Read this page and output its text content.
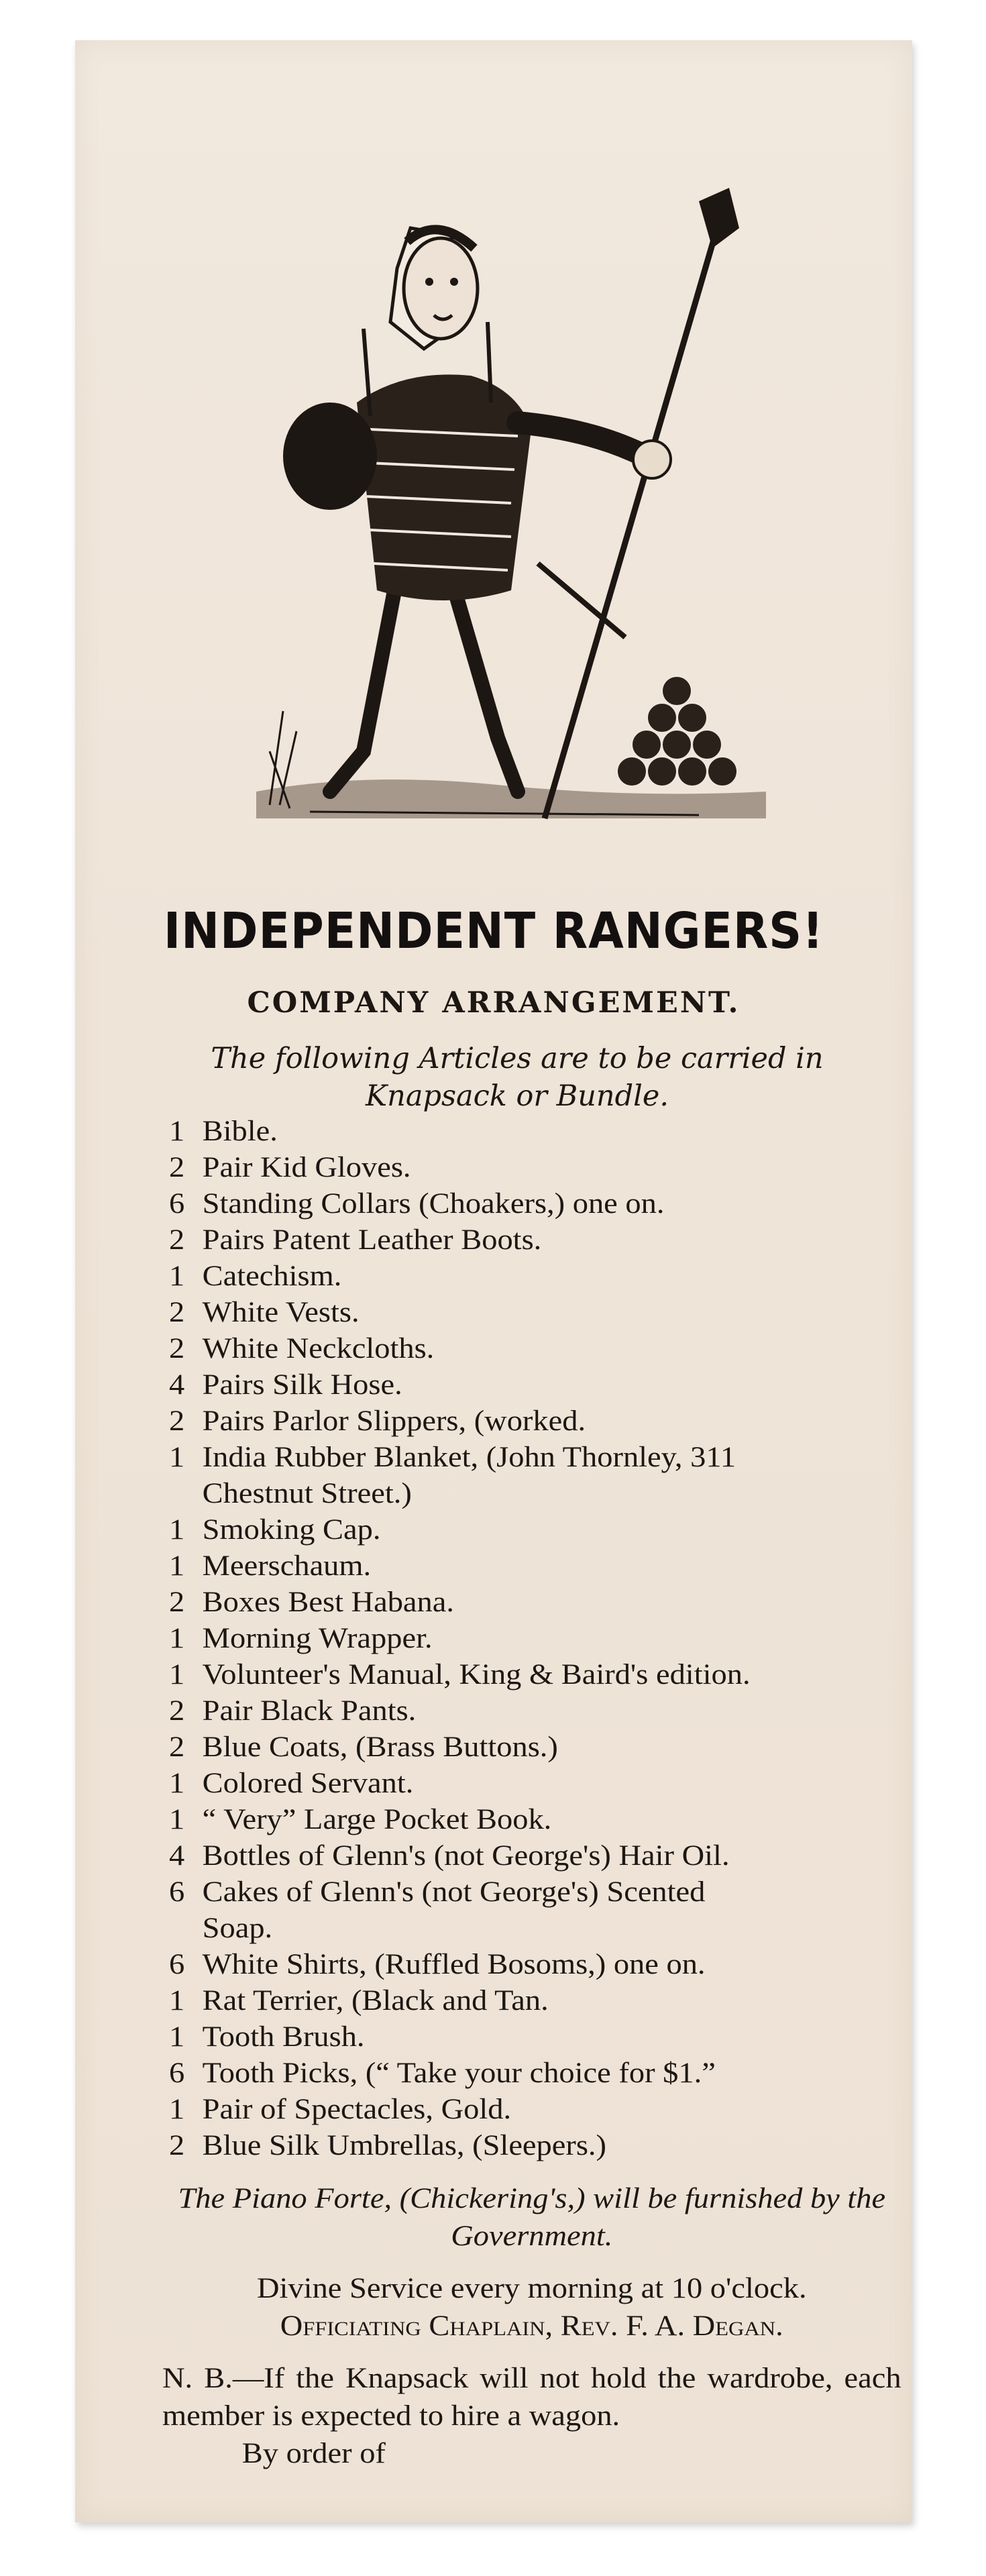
INDEPENDENT RANGERS!
COMPANY ARRANGEMENT.
The following Articles are to be carried in Knapsack or Bundle.
1 Bible.
2 Pair Kid Gloves.
6 Standing Collars (Choakers,) one on.
2 Pairs Patent Leather Boots.
1 Catechism.
2 White Vests.
2 White Neckcloths.
4 Pairs Silk Hose.
2 Pairs Parlor Slippers, (worked.
1 India Rubber Blanket, (John Thornley, 311
Chestnut Street.)
1 Smoking Cap.
1 Meerschaum.
2 Boxes Best Habana.
1 Morning Wrapper.
1 Volunteer's Manual, King & Baird's edition.
2 Pair Black Pants.
2 Blue Coats, (Brass Buttons.)
1 Colored Servant.
1 “ Very” Large Pocket Book.
4 Bottles of Glenn's (not George's) Hair Oil.
6 Cakes of Glenn's (not George's) Scented
Soap.
6 White Shirts, (Ruffled Bosoms,) one on.
1 Rat Terrier, (Black and Tan.
1 Tooth Brush.
6 Tooth Picks, (“ Take your choice for $1.”
1 Pair of Spectacles, Gold.
2 Blue Silk Umbrellas, (Sleepers.)
The Piano Forte, (Chickering's,) will be furnished by the Government.
Divine Service every morning at 10 o'clock.
Officiating Chaplain, Rev. F. A. Degan.
N. B.—If the Knapsack will not hold the wardrobe, each member is expected to hire a wagon.
By order of
